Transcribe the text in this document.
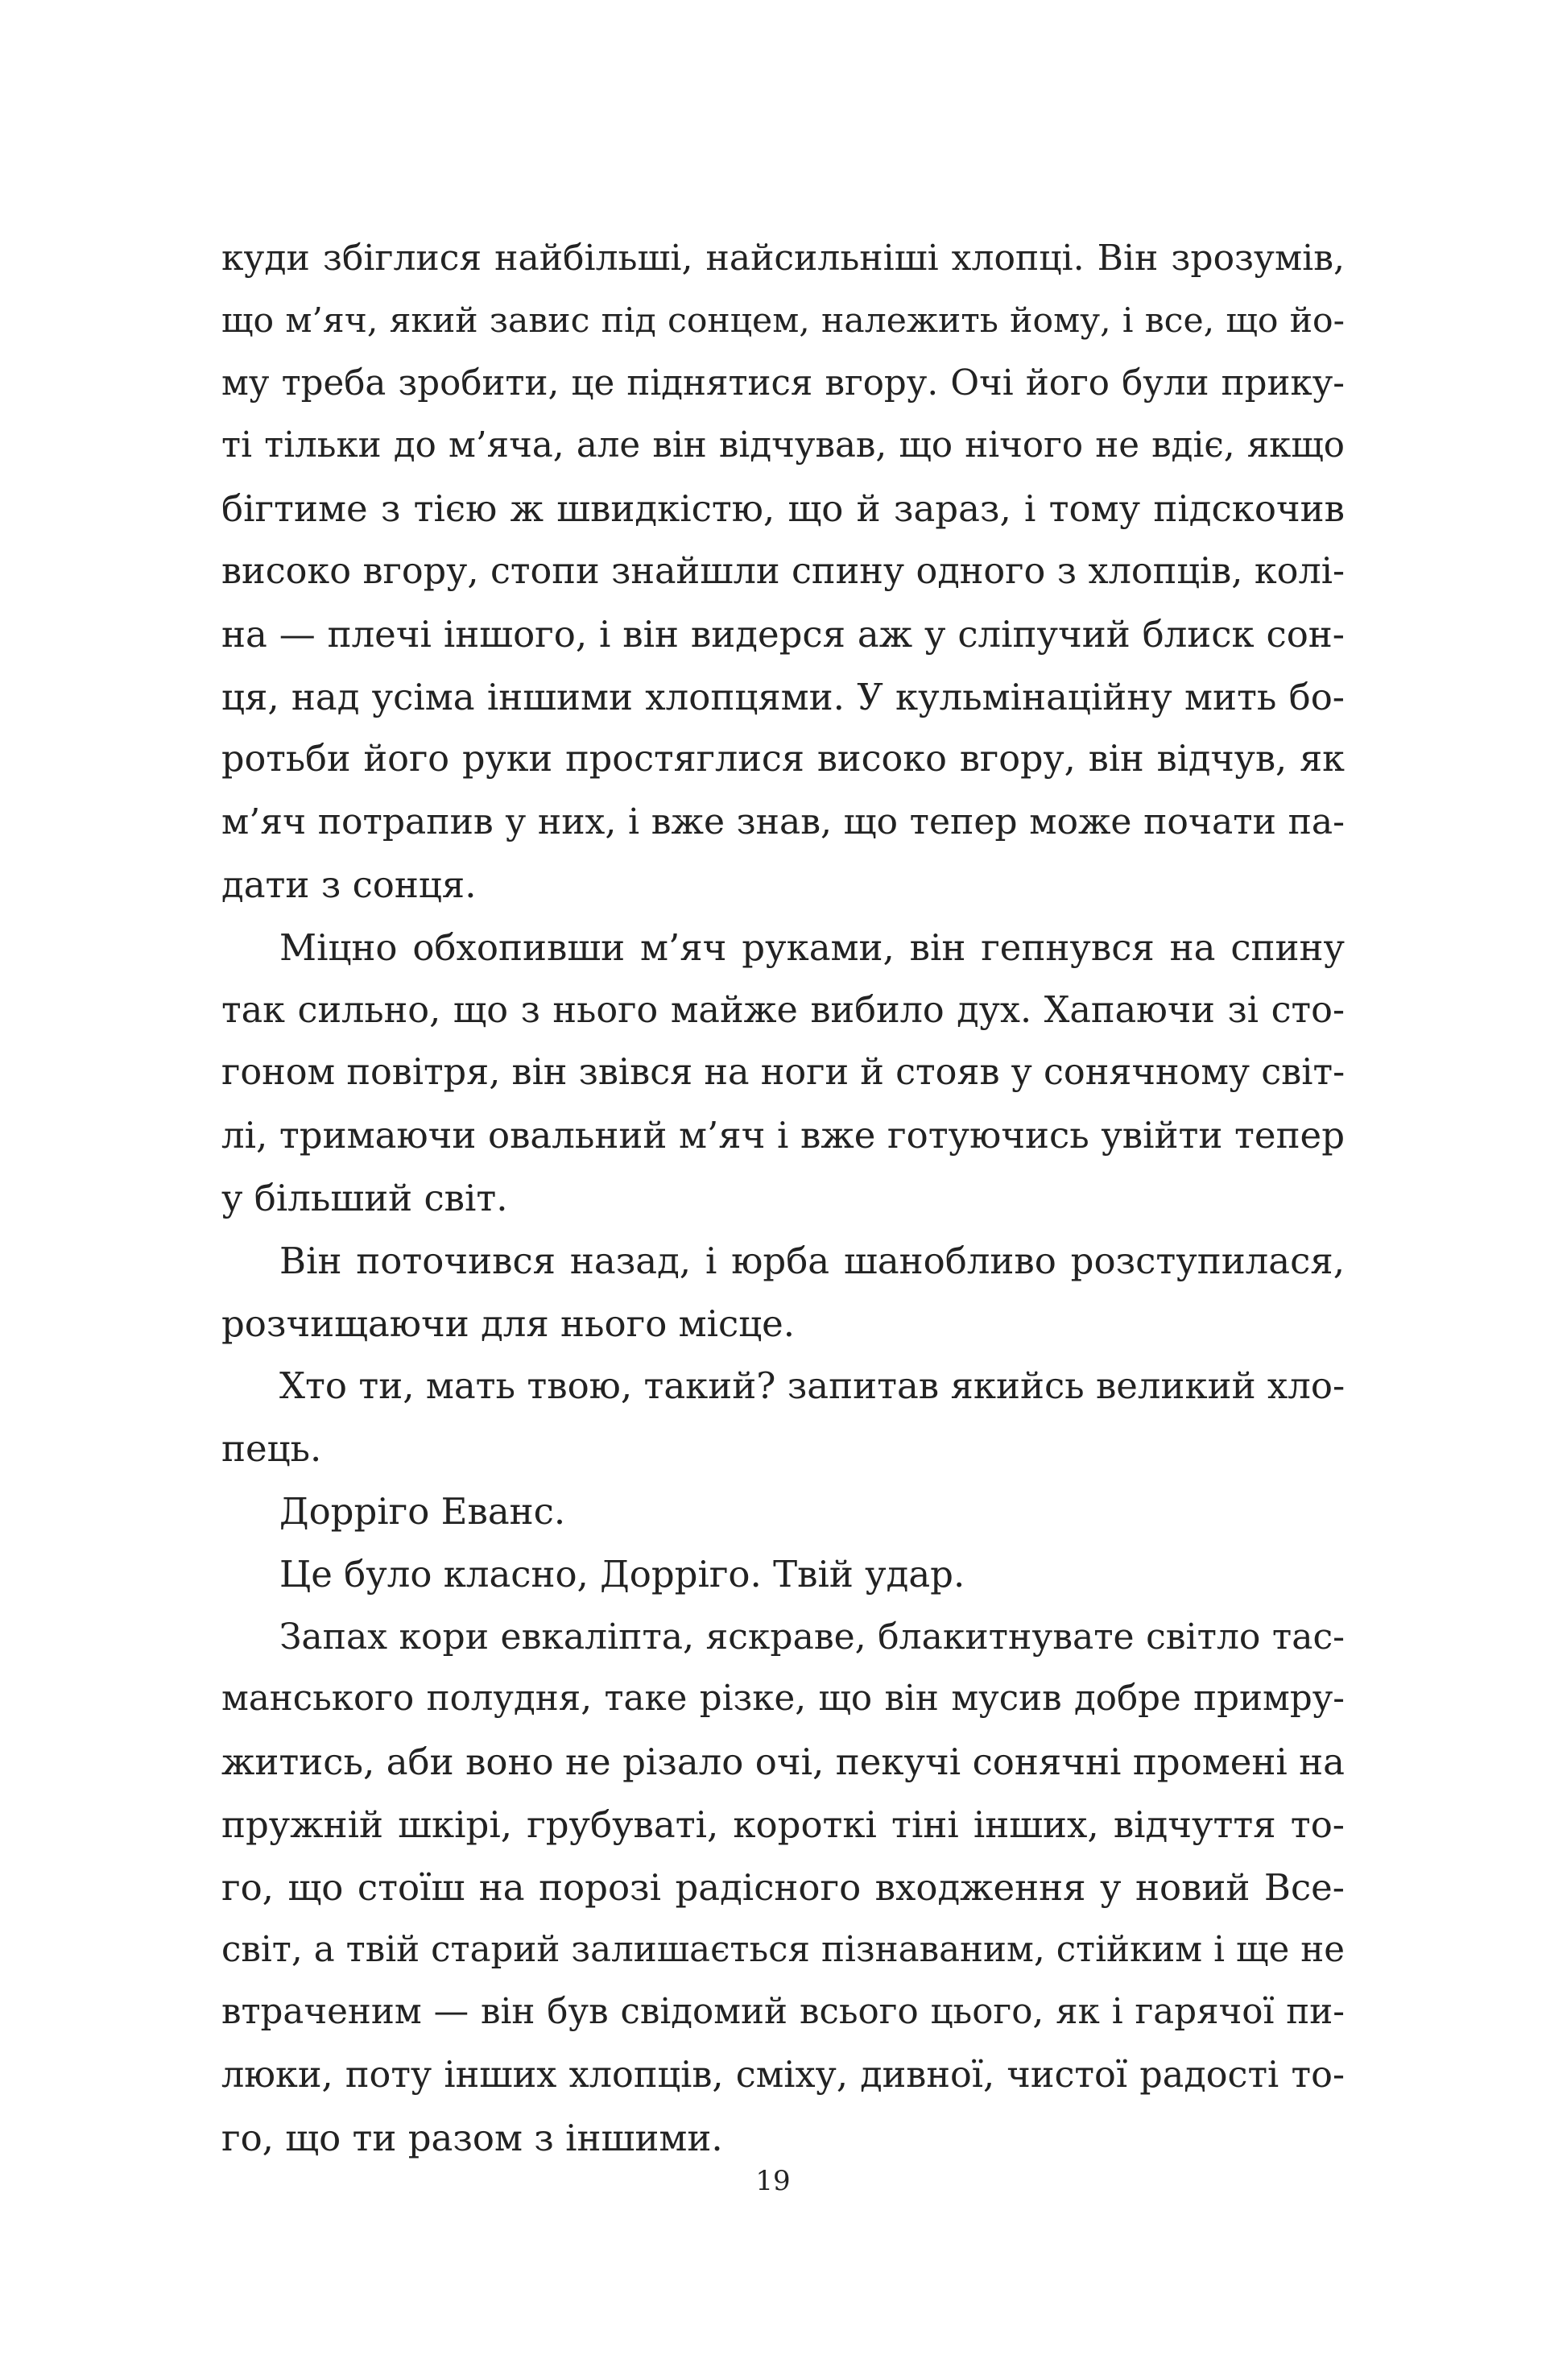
куди збіглися найбільші, найсильніші хлопці. Він зрозумів,
що м’яч, який завис під сонцем, належить йому, і все, що йо-
му треба зробити, це піднятися вгору. Очі його були прику-
ті тільки до м’яча, але він відчував, що нічого не вдіє, якщо
бігтиме з тією ж швидкістю, що й зараз, і тому підскочив
високо вгору, стопи знайшли спину одного з хлопців, колі-
на — плечі іншого, і він видерся аж у сліпучий блиск сон-
ця, над усіма іншими хлопцями. У кульмінаційну мить бо-
ротьби його руки простяглися високо вгору, він відчув, як
м’яч потрапив у них, і вже знав, що тепер може почати па-
дати з сонця.
Міцно обхопивши м’яч руками, він гепнувся на спину
так сильно, що з нього майже вибило дух. Хапаючи зі сто-
гоном повітря, він звівся на ноги й стояв у сонячному світ-
лі, тримаючи овальний м’яч і вже готуючись увійти тепер
у більший світ.
Він поточився назад, і юрба шанобливо розступилася,
розчищаючи для нього місце.
Хто ти, мать твою, такий? запитав якийсь великий хло-
пець.
Дорріго Еванс.
Це було класно, Дорріго. Твій удар.
Запах кори евкаліпта, яскраве, блакитнувате світло тас-
манського полудня, таке різке, що він мусив добре примру-
житись, аби воно не різало очі, пекучі сонячні промені на
пружній шкірі, грубуваті, короткі тіні інших, відчуття то-
го, що стоїш на порозі радісного входження у новий Все-
світ, а твій старий залишається пізнаваним, стійким і ще не
втраченим — він був свідомий всього цього, як і гарячої пи-
люки, поту інших хлопців, сміху, дивної, чистої радості то-
го, що ти разом з іншими.
19
